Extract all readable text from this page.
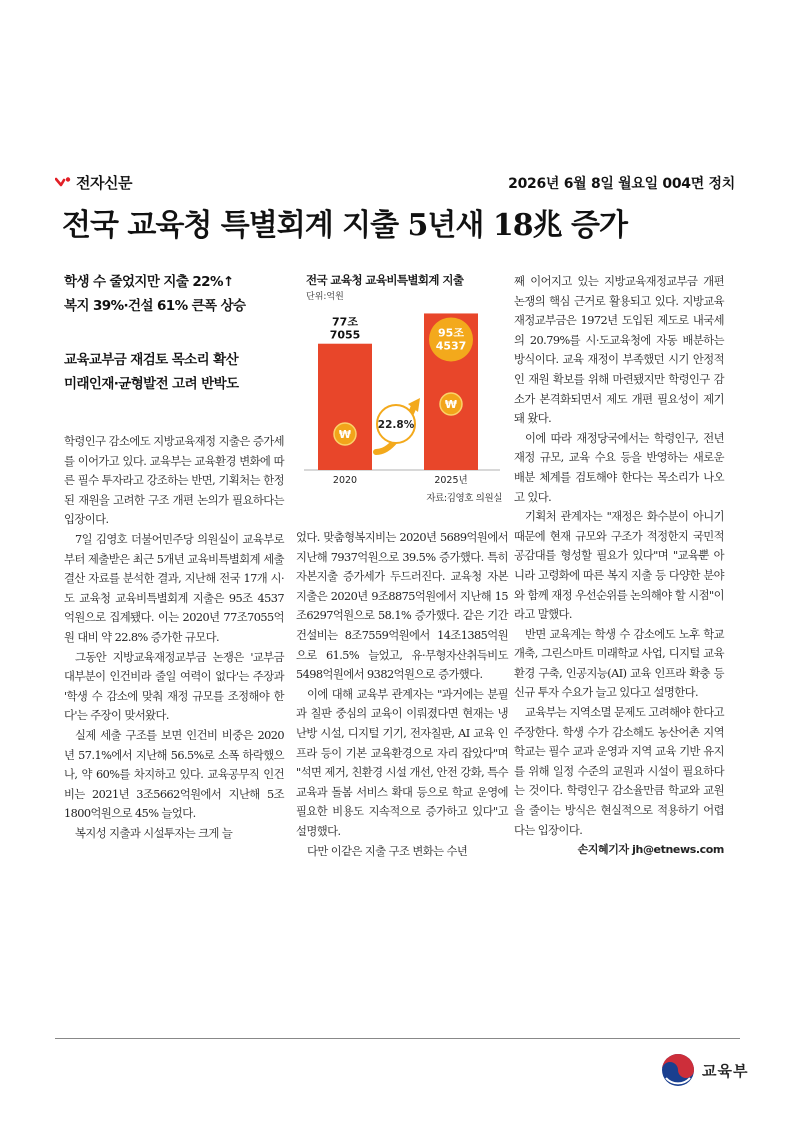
전자신문	2026년 6월 8일 월요일 004면 정치
전국 교육청 특별회계 지출 5년새 18兆 증가
학생 수 줄었지만 지출 22%↑
복지 39%·건설 61% 큰폭 상승
교육교부금 재검토 목소리 확산
미래인재·균형발전 고려 반박도
전국 교육청 교육비특별회계 지출
단위:억원
₩
2020
₩
2025년
77조
7055	95조
4537
22.8%
자료:김영호 의원실

학령인구 감소에도 지방교육재정 지출은 증가세를 이어가고 있다. 교육부는 교육환경 변화에 따른 필수 투자라고 강조하는 반면, 기획처는 한정된 재원을 고려한 구조 개편 논의가 필요하다는 입장이다.

7일 김영호 더불어민주당 의원실이 교육부로부터 제출받은 최근 5개년 교육비특별회계 세출결산 자료를 분석한 결과, 지난해 전국 17개 시·도 교육청 교육비특별회계 지출은 95조 4537억원으로 집계됐다. 이는 2020년 77조7055억원 대비 약 22.8% 증가한 규모다.

그동안 지방교육재정교부금 논쟁은 '교부금 대부분이 인건비라 줄일 여력이 없다'는 주장과 '학생 수 감소에 맞춰 재정 규모를 조정해야 한다'는 주장이 맞서왔다.

실제 세출 구조를 보면 인건비 비중은 2020년 57.1%에서 지난해 56.5%로 소폭 하락했으나, 약 60%를 차지하고 있다. 교육공무직 인건비는 2021년 3조5662억원에서 지난해 5조1800억원으로 45% 늘었다.

복지성 지출과 시설투자는 크게 늘

었다. 맞춤형복지비는 2020년 5689억원에서 지난해 7937억원으로 39.5% 증가했다. 특히 자본지출 증가세가 두드러진다. 교육청 자본지출은 2020년 9조8875억원에서 지난해 15조6297억원으로 58.1% 증가했다. 같은 기간 건설비는 8조7559억원에서 14조1385억원으로 61.5% 늘었고, 유·무형자산취득비도 5498억원에서 9382억원으로 증가했다.

이에 대해 교육부 관계자는 "과거에는 분필과 칠판 중심의 교육이 이뤄졌다면 현재는 냉난방 시설, 디지털 기기, 전자칠판, AI 교육 인프라 등이 기본 교육환경으로 자리 잡았다"며 "석면 제거, 친환경 시설 개선, 안전 강화, 특수교육과 돌봄 서비스 확대 등으로 학교 운영에 필요한 비용도 지속적으로 증가하고 있다"고 설명했다.

다만 이같은 지출 구조 변화는 수년

째 이어지고 있는 지방교육재정교부금 개편 논쟁의 핵심 근거로 활용되고 있다. 지방교육재정교부금은 1972년 도입된 제도로 내국세의 20.79%를 시·도교육청에 자동 배분하는 방식이다. 교육 재정이 부족했던 시기 안정적인 재원 확보를 위해 마련됐지만 학령인구 감소가 본격화되면서 제도 개편 필요성이 제기돼 왔다.

이에 따라 재정당국에서는 학령인구, 전년 재정 규모, 교육 수요 등을 반영하는 새로운 배분 체계를 검토해야 한다는 목소리가 나오고 있다.

기획처 관계자는 "재정은 화수분이 아니기 때문에 현재 규모와 구조가 적정한지 국민적 공감대를 형성할 필요가 있다"며 "교육뿐 아니라 고령화에 따른 복지 지출 등 다양한 분야와 함께 재정 우선순위를 논의해야 할 시점"이라고 말했다.

반면 교육계는 학생 수 감소에도 노후 학교 개축, 그린스마트 미래학교 사업, 디지털 교육환경 구축, 인공지능(AI) 교육 인프라 확충 등 신규 투자 수요가 늘고 있다고 설명한다.

교육부는 지역소멸 문제도 고려해야 한다고 주장한다. 학생 수가 감소해도 농산어촌 지역 학교는 필수 교과 운영과 지역 교육 기반 유지를 위해 일정 수준의 교원과 시설이 필요하다는 것이다. 학령인구 감소율만큼 학교와 교원을 줄이는 방식은 현실적으로 적용하기 어렵다는 입장이다.

손지혜기자 jh@etnews.com

교육부
